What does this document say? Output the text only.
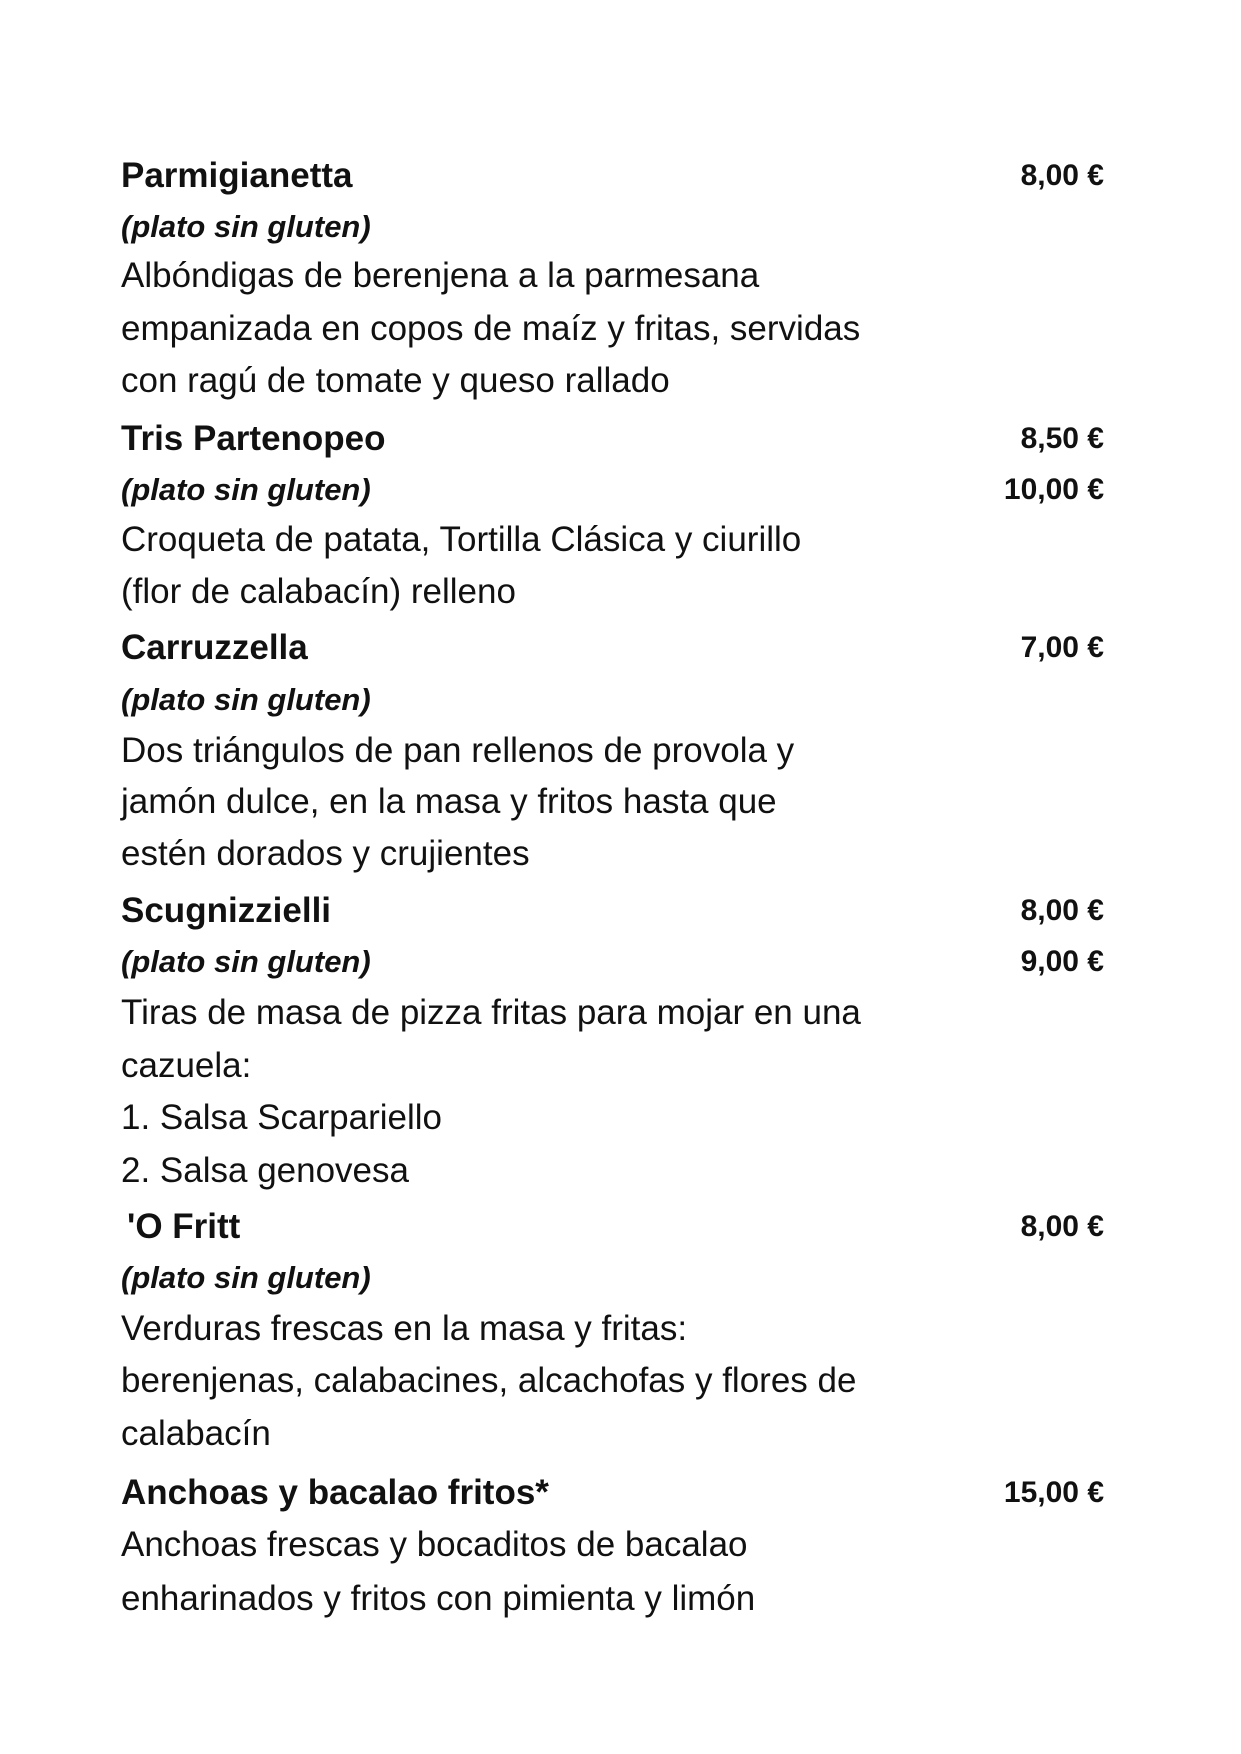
Parmigianetta	8,00 €
(plato sin gluten)
Albóndigas de berenjena a la parmesana
empanizada en copos de maíz y fritas, servidas
con ragú de tomate y queso rallado
Tris Partenopeo	8,50 €
(plato sin gluten)	10,00 €
Croqueta de patata, Tortilla Clásica y ciurillo
(flor de calabacín) relleno
Carruzzella	7,00 €
(plato sin gluten)
Dos triángulos de pan rellenos de provola y
jamón dulce, en la masa y fritos hasta que
estén dorados y crujientes
Scugnizzielli	8,00 €
(plato sin gluten)	9,00 €
Tiras de masa de pizza fritas para mojar en una
cazuela:
1. Salsa Scarpariello
2. Salsa genovesa
'O Fritt	8,00 €
(plato sin gluten)
Verduras frescas en la masa y fritas:
berenjenas, calabacines, alcachofas y flores de
calabacín
Anchoas y bacalao fritos*	15,00 €
Anchoas frescas y bocaditos de bacalao
enharinados y fritos con pimienta y limón
